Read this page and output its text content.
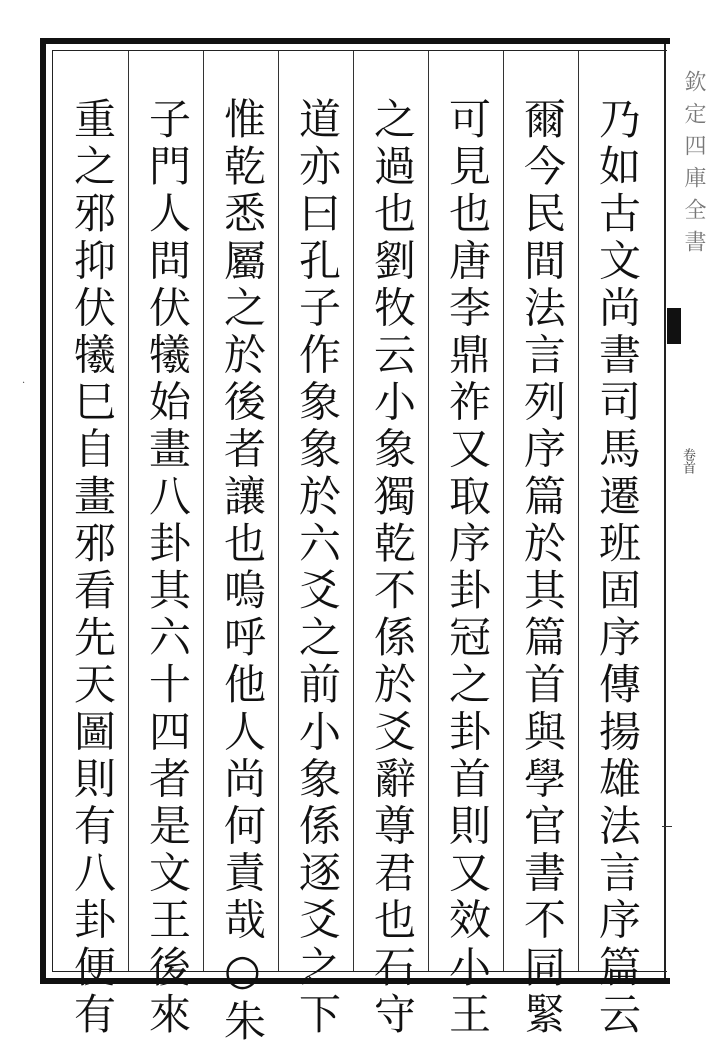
乃如古文尚書司馬遷班固序傳揚雄法言序篇云
爾今民間法言列序篇於其篇首與學官書不同緊
可見也唐李鼎祚又取序卦冠之卦首則又效小王
之過也劉牧云小象獨乾不係於爻辭尊君也石守
道亦曰孔子作象象於六爻之前小象係逐爻之下
惟乾悉屬之於後者讓也嗚呼他人尚何責哉○朱
子門人問伏犧始畫八卦其六十四者是文王後來
重之邪抑伏犧巳自畫邪看先天圖則有八卦便有	欽定四庫全書
卷首
·
